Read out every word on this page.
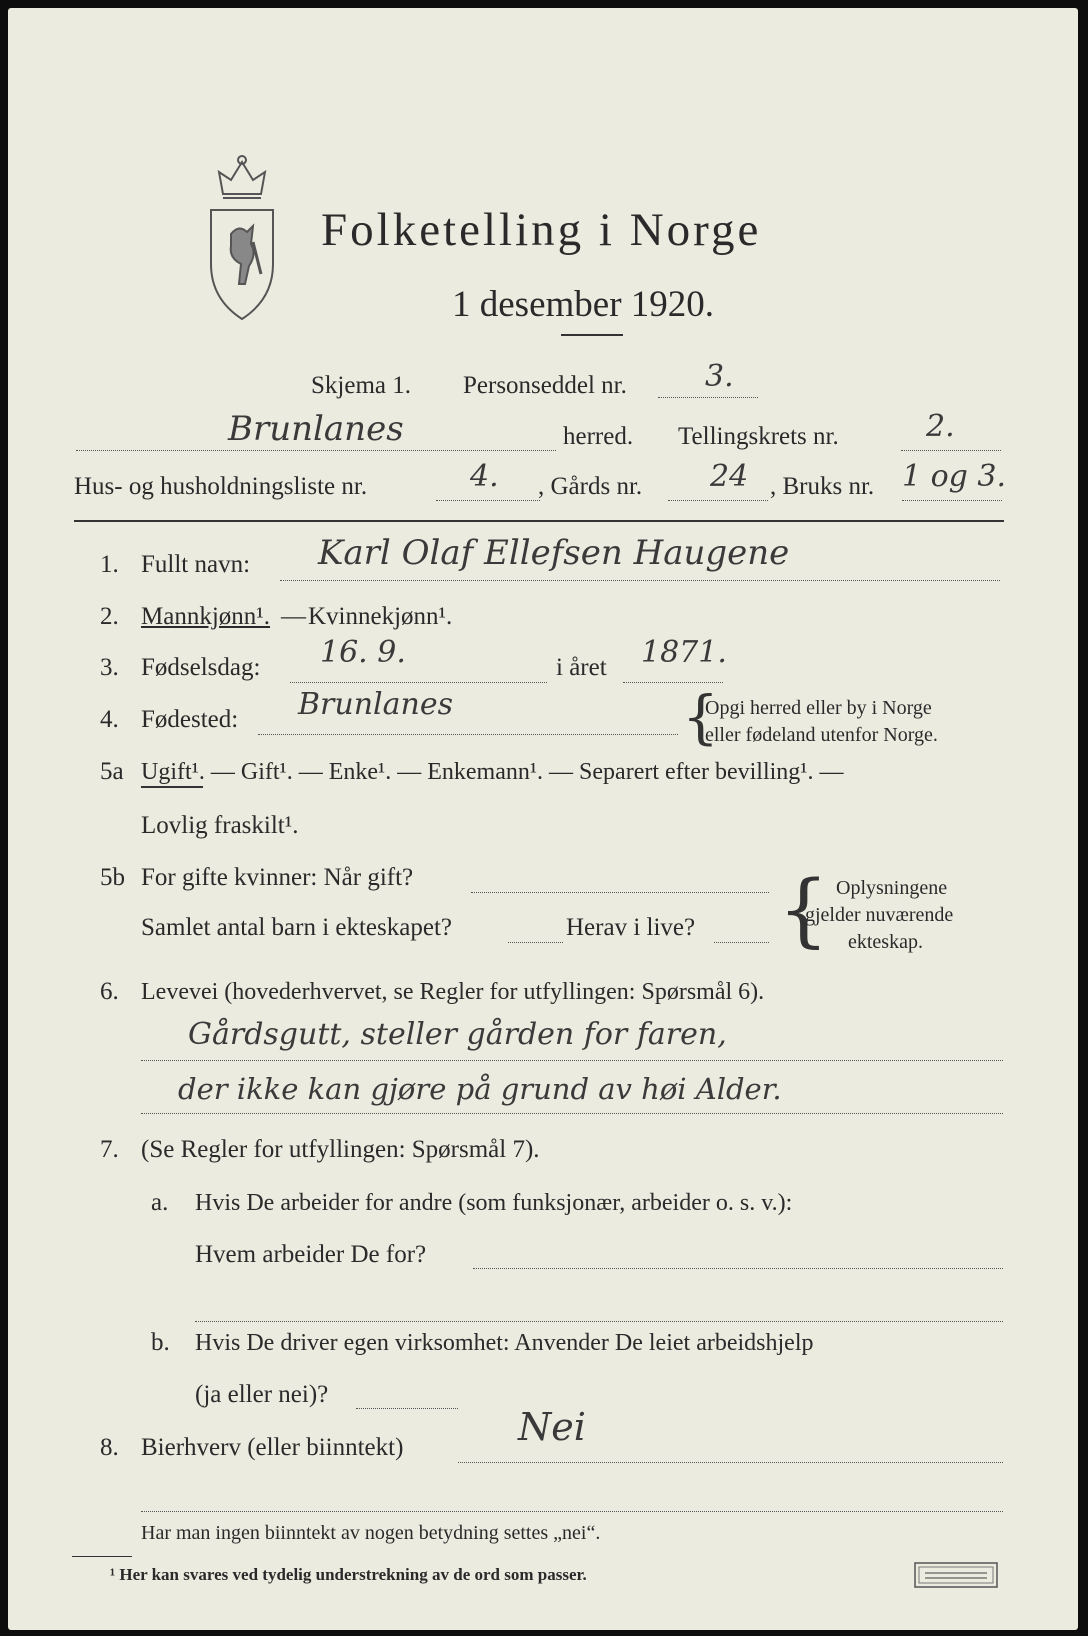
Folketelling i Norge
1 desember 1920.
Skjema 1. Personseddel nr.	3.
Brunlanes	herred. Tellingskrets nr.	2.
Hus- og husholdningsliste nr.	4. , Gårds nr. 24 , Bruks nr. 1 og 3.
1. Fullt navn: Karl Olaf Ellefsen Haugene
2. Mannkjønn¹. — Kvinnekjønn¹.
3. Fødselsdag: 16. 9.	i året 1871.
4. Fødested: Brunlanes	{
Opgi herred eller by i Norge
eller fødeland utenfor Norge.
5a Ugift¹. — Gift¹. — Enke¹. — Enkemann¹. — Separert efter bevilling¹. —
Lovlig fraskilt¹.
5b For gifte kvinner: Når gift?
Samlet antal barn i ekteskapet?	Herav i live? { Oplysningene
gjelder nuværende
ekteskap.
6. Levevei (hovederhvervet, se Regler for utfyllingen: Spørsmål 6).
Gårdsgutt, steller gården for faren,
der ikke kan gjøre på grund av høi Alder.
7. (Se Regler for utfyllingen: Spørsmål 7).
a. Hvis De arbeider for andre (som funksjonær, arbeider o. s. v.):
Hvem arbeider De for?
b. Hvis De driver egen virksomhet: Anvender De leiet arbeidshjelp
(ja eller nei)?
8. Bierhverv (eller biinntekt)	Nei
Har man ingen biinntekt av nogen betydning settes „nei“.
¹ Her kan svares ved tydelig understrekning av de ord som passer.
